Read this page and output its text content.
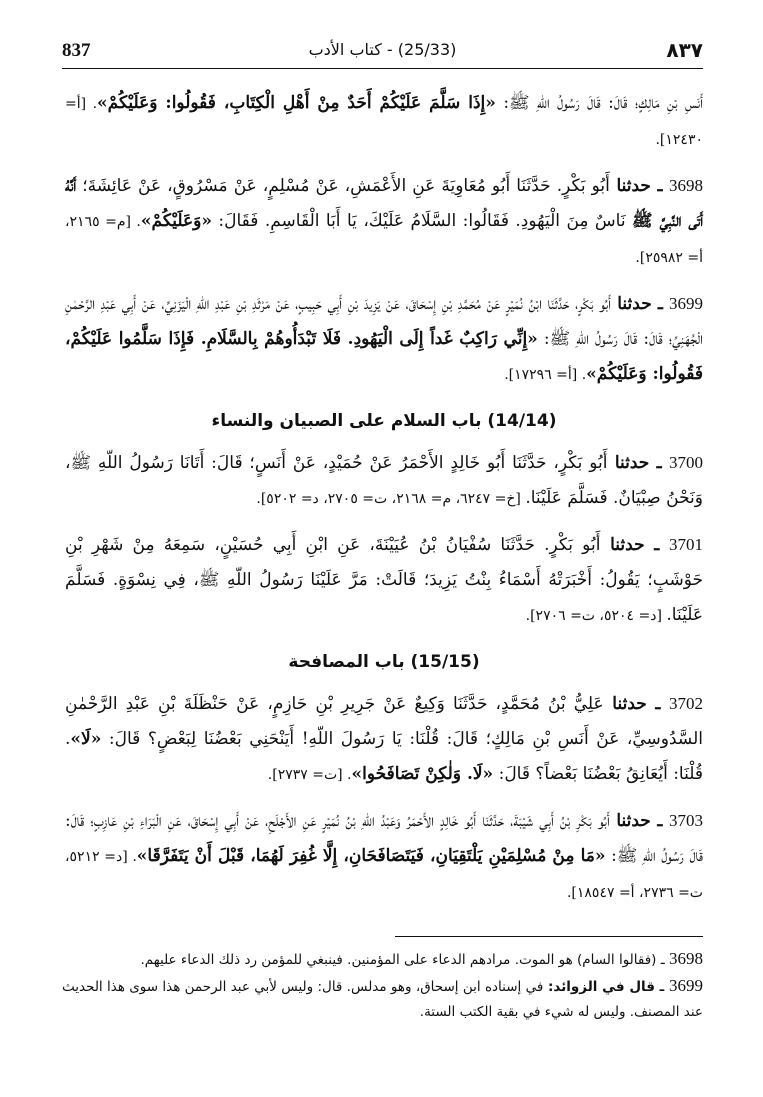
837	(25/33) - كتاب الأدب	٨٣٧

أَنَسِ بْنِ مَالِكٍ؛ قَالَ: قَالَ رَسُولُ اللّهِ ﷺ: «إِذَا سَلَّمَ عَلَيْكُمْ أَحَدٌ مِنْ أَهْلِ الْكِتَابِ، فَقُولُوا: وَعَلَيْكُمْ». [أ= ١٢٤٣٠].

3698 ـ حدثنا أَبُو بَكْرٍ. حَدَّثَنَا أَبُو مُعَاوِيَةَ عَنِ الأَعْمَشِ، عَنْ مُسْلِمٍ، عَنْ مَسْرُوقٍ، عَنْ عَائِشَةَ؛ أَنَّهُ أَتَى النَّبِيَّ ﷺ نَاسٌ مِنَ الْيَهُودِ. فَقَالُوا: السَّلَامُ عَلَيْكَ، يَا أَبَا الْقَاسِمِ. فَقَالَ: «وَعَلَيْكُمْ». [م= ٢١٦٥، أ= ٢٥٩٨٢].

3699 ـ حدثنا أَبُو بَكْرٍ، حَدَّثَنَا ابْنُ نُمَيْرٍ عَنْ مُحَمَّدِ بْنِ إِسْحَاقَ، عَنْ يَزِيدَ بْنِ أَبِي حَبِيبٍ، عَنْ مَرْثَدِ بْنِ عَبْدِ اللّهِ الْيَزَنِيِّ، عَنْ أَبِي عَبْدِ الرَّحْمٰنِ الْجُهَنِيِّ؛ قَالَ: قَالَ رَسُولُ اللّهِ ﷺ: «إِنِّي رَاكِبٌ غَداً إِلَى الْيَهُودِ. فَلَا تَبْدَأُوهُمْ بِالسَّلَامِ. فَإِذَا سَلَّمُوا عَلَيْكُمْ، فَقُولُوا: وَعَلَيْكُمْ». [أ= ١٧٢٩٦].

(14/14) باب السلام على الصبيان والنساء

3700 ـ حدثنا أَبُو بَكْرٍ، حَدَّثَنَا أَبُو خَالِدٍ الأَحْمَرُ عَنْ حُمَيْدٍ، عَنْ أَنَسٍ؛ قَالَ: أَتَانَا رَسُولُ اللّهِ ﷺ، وَنَحْنُ صِبْيَانٌ. فَسَلَّمَ عَلَيْنَا. [خ= ٦٢٤٧، م= ٢١٦٨، ت= ٢٧٠٥، د= ٥٢٠٢].

3701 ـ حدثنا أَبُو بَكْرٍ. حَدَّثَنَا سُفْيَانُ بْنُ عُيَيْنَةَ، عَنِ ابْنِ أَبِي حُسَيْنٍ، سَمِعَهُ مِنْ شَهْرِ بْنِ حَوْشَبٍ؛ يَقُولُ: أَخْبَرَتْهُ أَسْمَاءُ بِنْتُ يَزِيدَ؛ قَالَتْ: مَرَّ عَلَيْنَا رَسُولُ اللّهِ ﷺ، فِي نِسْوَةٍ. فَسَلَّمَ عَلَيْنَا. [د= ٥٢٠٤، ت= ٢٧٠٦].

(15/15) باب المصافحة

3702 ـ حدثنا عَلِيُّ بْنُ مُحَمَّدٍ، حَدَّثَنَا وَكِيعٌ عَنْ جَرِيرِ بْنِ حَازِمٍ، عَنْ حَنْظَلَةَ بْنِ عَبْدِ الرَّحْمٰنِ السَّدُوسِيِّ، عَنْ أَنَسِ بْنِ مَالِكٍ؛ قَالَ: قُلْنَا: يَا رَسُولَ اللّهِ! أَيَنْحَنِي بَعْضُنَا لِبَعْضٍ؟ قَالَ: «لَا». قُلْنَا: أَيُعَانِقُ بَعْضُنَا بَعْضاً؟ قَالَ: «لَا. وَلٰكِنْ تَصَافَحُوا». [ت= ٢٧٣٧].

3703 ـ حدثنا أَبُو بَكْرِ بْنُ أَبِي شَيْبَةَ، حَدَّثَنَا أَبُو خَالِدٍ الأَحْمَرُ وَعَبْدُ اللّهِ بْنُ نُمَيْرٍ عَنِ الأَجْلَحِ، عَنْ أَبِي إِسْحَاقَ، عَنِ الْبَرَاءِ بْنِ عَازِبٍ؛ قَالَ: قَالَ رَسُولُ اللّهِ ﷺ: «مَا مِنْ مُسْلِمَيْنِ يَلْتَقِيَانِ، فَيَتَصَافَحَانِ، إِلَّا غُفِرَ لَهُمَا، قَبْلَ أَنْ يَتَفَرَّقَا». [د= ٥٢١٢، ت= ٢٧٣٦، أ= ١٨٥٤٧].

3698 ـ (فقالوا السام) هو الموت. مرادهم الدعاء على المؤمنين. فينبغي للمؤمن رد ذلك الدعاء عليهم.

3699 ـ قال في الزوائد: في إسناده ابن إسحاق، وهو مدلس. قال: وليس لأبي عبد الرحمن هذا سوى هذا الحديث عند المصنف. وليس له شيء في بقية الكتب الستة.
